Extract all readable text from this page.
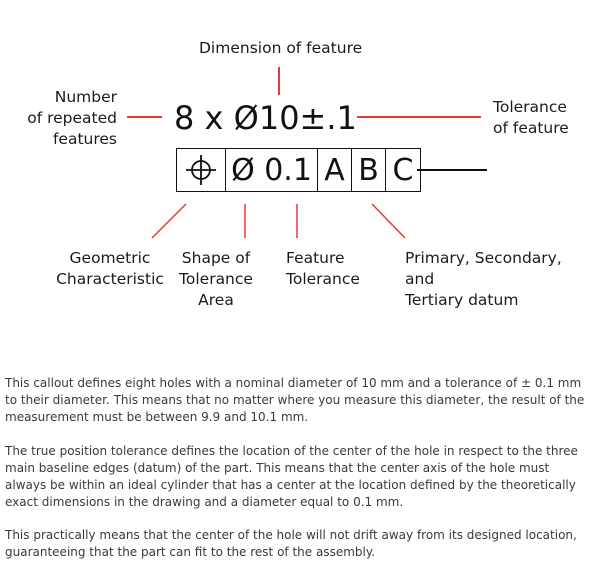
Dimension of feature
Number
of repeated
features
8 x Ø10±.1	Tolerance
of feature
Ø 0.1 A B C
Geometric
Characteristic
Shape of
Tolerance
Area
Feature
Tolerance
Primary, Secondary, and
Tertiary datum
This callout defines eight holes with a nominal diameter of 10 mm and a tolerance of ± 0.1 mm to their diameter. This means that no matter where you measure this diameter, the result of the measurement must be between 9.9 and 10.1 mm.
The true position tolerance defines the location of the center of the hole in respect to the three main baseline edges (datum) of the part. This means that the center axis of the hole must always be within an ideal cylinder that has a center at the location defined by the theoretically exact dimensions in the drawing and a diameter equal to 0.1 mm.
This practically means that the center of the hole will not drift away from its designed location, guaranteeing that the part can fit to the rest of the assembly.
